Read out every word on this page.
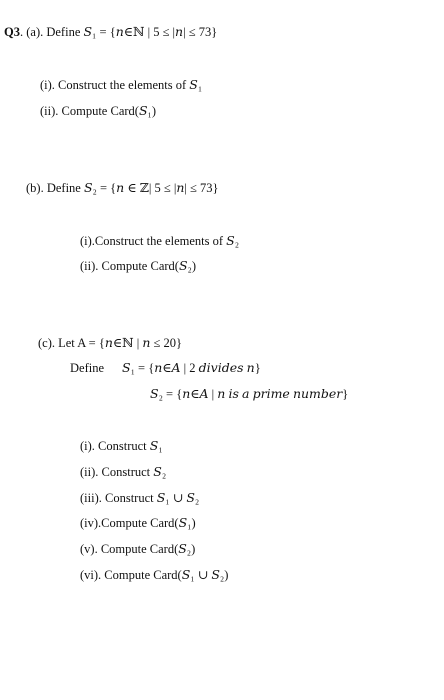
Q3. (a). Define 𝑆₁ = {𝑛∈ℕ | 5 ≤ |𝑛| ≤ 73}
(i). Construct the elements of 𝑆₁
(ii). Compute Card(𝑆₁)
(b). Define 𝑆₂ = {𝑛 ∈ ℤ| 5 ≤ |𝑛| ≤ 73}
(i).Construct the elements of 𝑆₂
(ii). Compute Card(𝑆₂)
(c). Let A = {𝑛∈ℕ | 𝑛 ≤ 20}
Define 𝑆₁ = {𝑛∈𝐴 | 2 𝑑𝑖𝑣𝑖𝑑𝑒𝑠 𝑛}
𝑆₂ = {𝑛∈𝐴 | 𝑛 𝑖𝑠 𝑎 𝑝𝑟𝑖𝑚𝑒 𝑛𝑢𝑚𝑏𝑒𝑟}
(i). Construct 𝑆₁
(ii). Construct 𝑆₂
(iii). Construct 𝑆₁ ∪ 𝑆₂
(iv).Compute Card(𝑆₁)
(v). Compute Card(𝑆₂)
(vi). Compute Card(𝑆₁ ∪ 𝑆₂)
